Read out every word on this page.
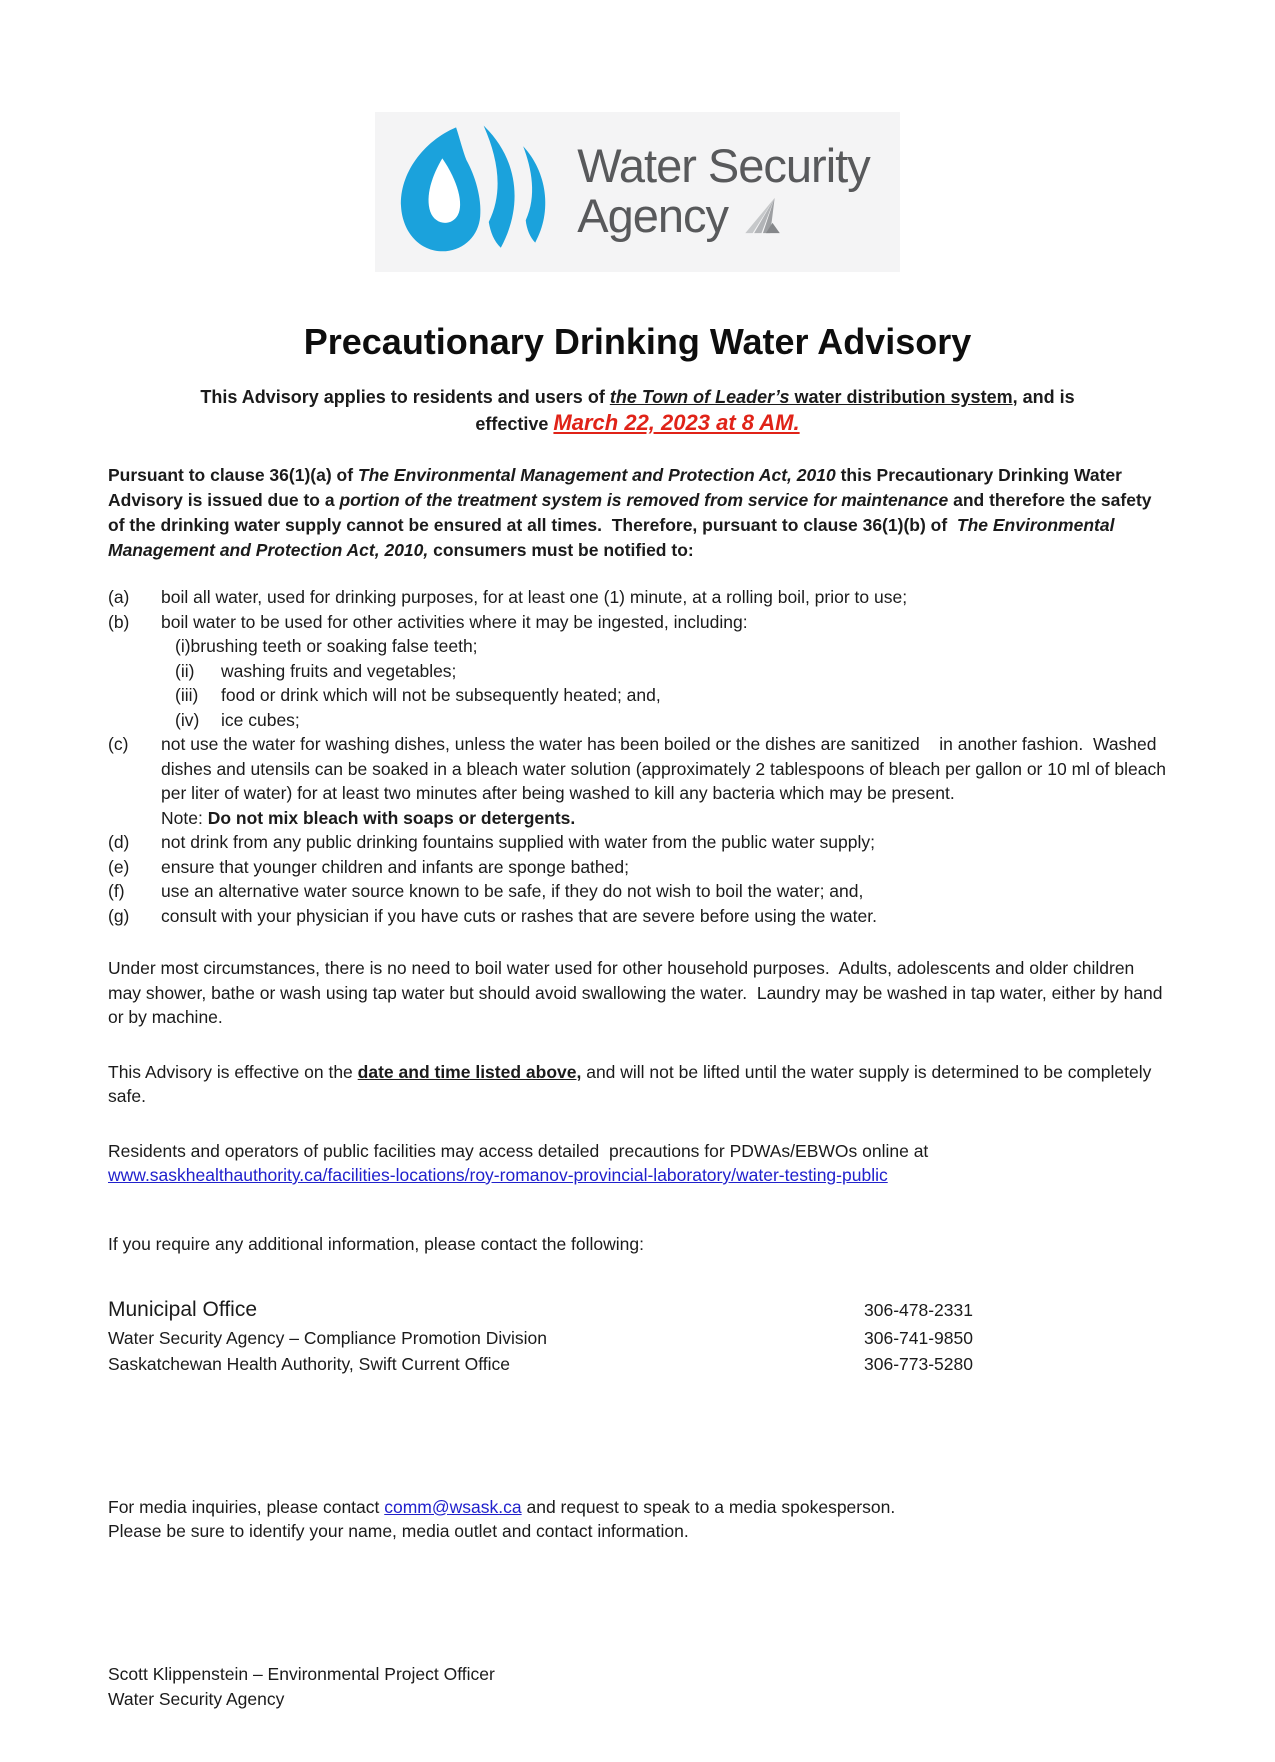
Water Security
Agency
Precautionary Drinking Water Advisory
This Advisory applies to residents and users of the Town of Leader’s water distribution system, and is
effective March 22, 2023 at 8 AM.
Pursuant to clause 36(1)(a) of The Environmental Management and Protection Act, 2010 this Precautionary Drinking Water Advisory is issued due to a portion of the treatment system is removed from service for maintenance and therefore the safety of the drinking water supply cannot be ensured at all times.  Therefore, pursuant to clause 36(1)(b) of  The Environmental Management and Protection Act, 2010, consumers must be notified to:
(a)	boil all water, used for drinking purposes, for at least one (1) minute, at a rolling boil, prior to use;
(b)	boil water to be used for other activities where it may be ingested, including:
(i)brushing teeth or soaking false teeth;
(ii)	washing fruits and vegetables;
(iii)	food or drink which will not be subsequently heated; and,
(iv)	ice cubes;
(c)	not use the water for washing dishes, unless the water has been boiled or the dishes are sanitized    in another fashion.  Washed dishes and utensils can be soaked in a bleach water solution (approximately 2 tablespoons of bleach per gallon or 10 ml of bleach per liter of water) for at least two minutes after being washed to kill any bacteria which may be present.
Note: Do not mix bleach with soaps or detergents.
(d)	not drink from any public drinking fountains supplied with water from the public water supply;
(e)	ensure that younger children and infants are sponge bathed;
(f)	use an alternative water source known to be safe, if they do not wish to boil the water; and,
(g)	consult with your physician if you have cuts or rashes that are severe before using the water.
Under most circumstances, there is no need to boil water used for other household purposes.  Adults, adolescents and older children may shower, bathe or wash using tap water but should avoid swallowing the water.  Laundry may be washed in tap water, either by hand or by machine.
This Advisory is effective on the date and time listed above, and will not be lifted until the water supply is determined to be completely safe.
Residents and operators of public facilities may access detailed  precautions for PDWAs/EBWOs online at
www.saskhealthauthority.ca/facilities-locations/roy-romanov-provincial-laboratory/water-testing-public
If you require any additional information, please contact the following:
Municipal Office	306-478-2331
Water Security Agency – Compliance Promotion Division	306-741-9850
Saskatchewan Health Authority, Swift Current Office	306-773-5280
For media inquiries, please contact comm@wsask.ca and request to speak to a media spokesperson.
Please be sure to identify your name, media outlet and contact information.
Scott Klippenstein – Environmental Project Officer
Water Security Agency
